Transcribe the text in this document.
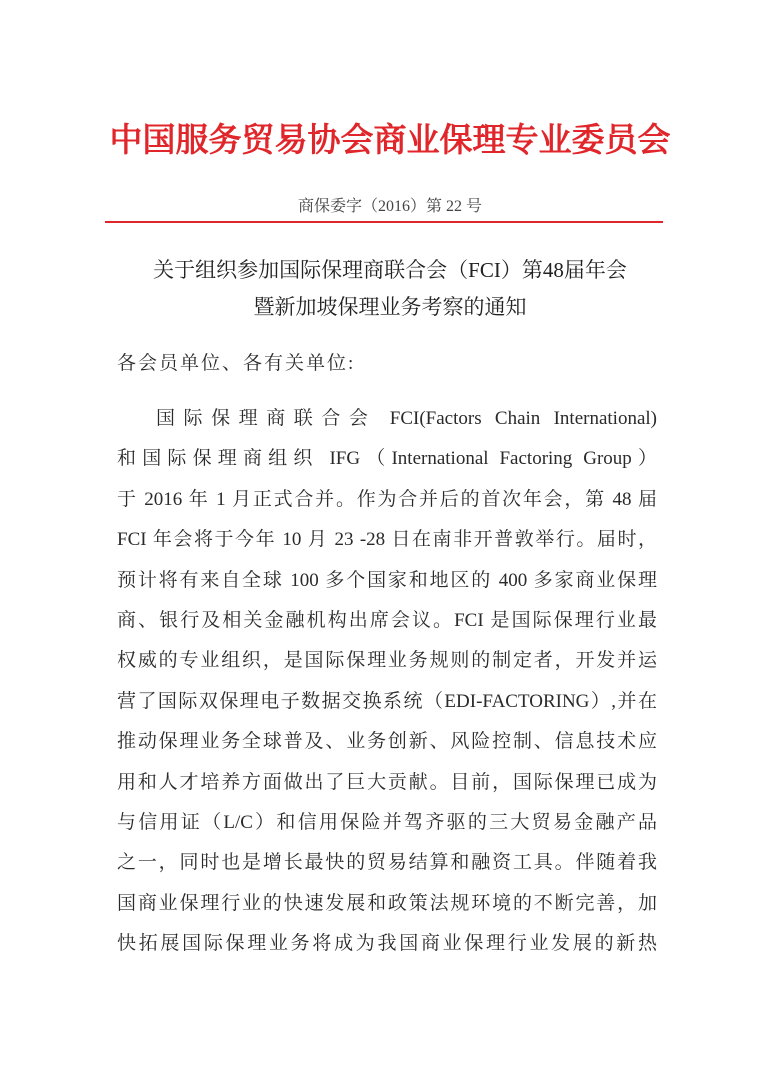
中国服务贸易协会商业保理专业委员会
商保委字（2016）第 22 号
关于组织参加国际保理商联合会（FCI）第48届年会
暨新加坡保理业务考察的通知
各会员单位、各有关单位:
国际保理商联合会 FCI(Factors Chain International)
和国际保理商组织 IFG（International Factoring Group）
于 2016 年 1 月正式合并。作为合并后的首次年会，第 48 届
FCI 年会将于今年 10 月 23 -28 日在南非开普敦举行。届时，
预计将有来自全球 100 多个国家和地区的 400 多家商业保理
商、银行及相关金融机构出席会议。FCI 是国际保理行业最
权威的专业组织，是国际保理业务规则的制定者，开发并运
营了国际双保理电子数据交换系统（EDI-FACTORING）,并在
推动保理业务全球普及、业务创新、风险控制、信息技术应
用和人才培养方面做出了巨大贡献。目前，国际保理已成为
与信用证（L/C）和信用保险并驾齐驱的三大贸易金融产品
之一，同时也是增长最快的贸易结算和融资工具。伴随着我
国商业保理行业的快速发展和政策法规环境的不断完善，加
快拓展国际保理业务将成为我国商业保理行业发展的新热
